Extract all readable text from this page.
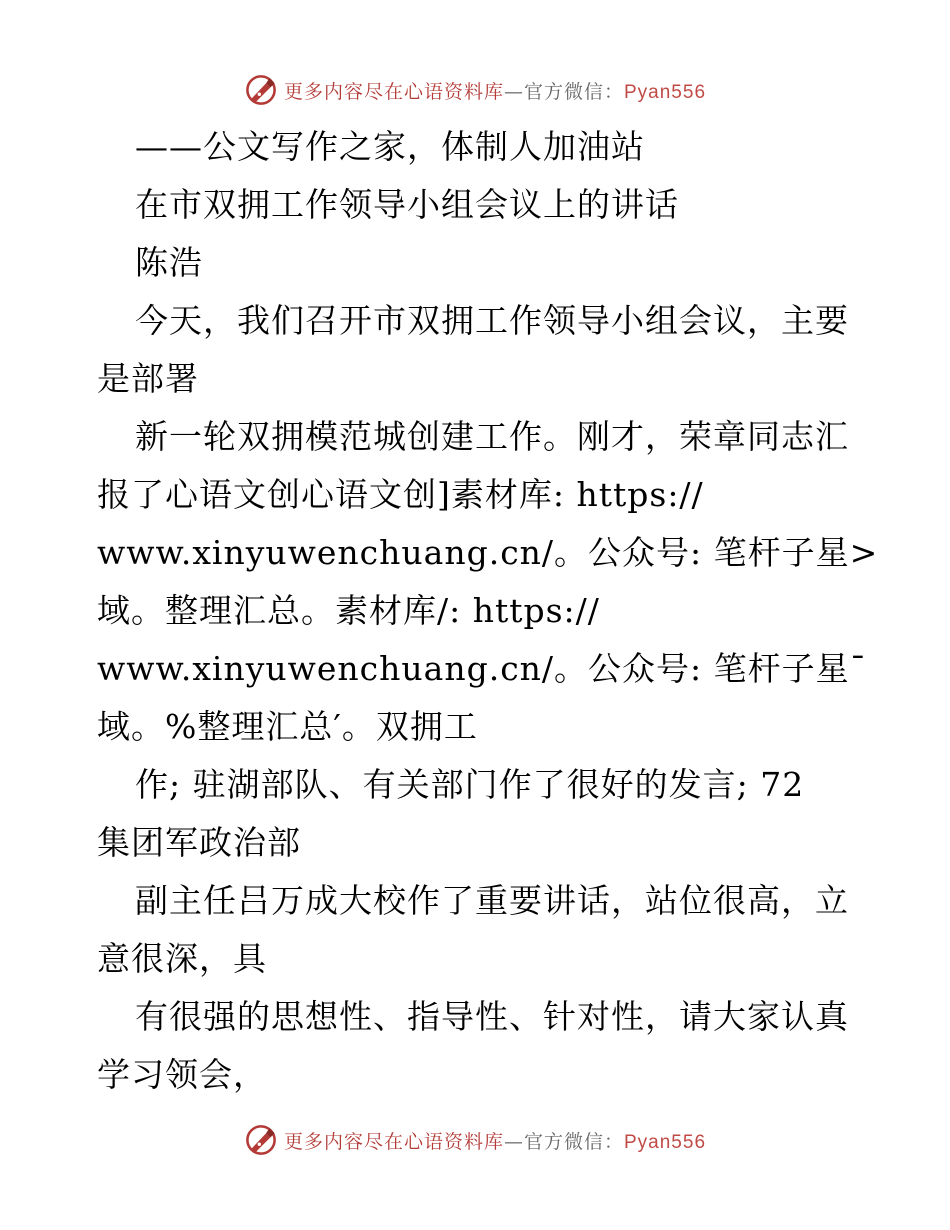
更多内容尽在心语资料库—官方微信：Pyan556
——公文写作之家，体制人加油站
在市双拥工作领导小组会议上的讲话
陈浩
今天，我们召开市双拥工作领导小组会议，主要
是部署
新一轮双拥模范城创建工作。刚才，荣章同志汇
报了心语文创心语文创]素材库: https://
www.xinyuwenchuang.cn/。公众号: 笔杆子星>
域。整理汇总。素材库/: https://
www.xinyuwenchuang.cn/。公众号: 笔杆子星¯
域。%整理汇总′。双拥工
作; 驻湖部队、有关部门作了很好的发言; 72
集团军政治部
副主任吕万成大校作了重要讲话，站位很高，立
意很深，具
有很强的思想性、指导性、针对性，请大家认真
学习领会，
更多内容尽在心语资料库—官方微信：Pyan556
